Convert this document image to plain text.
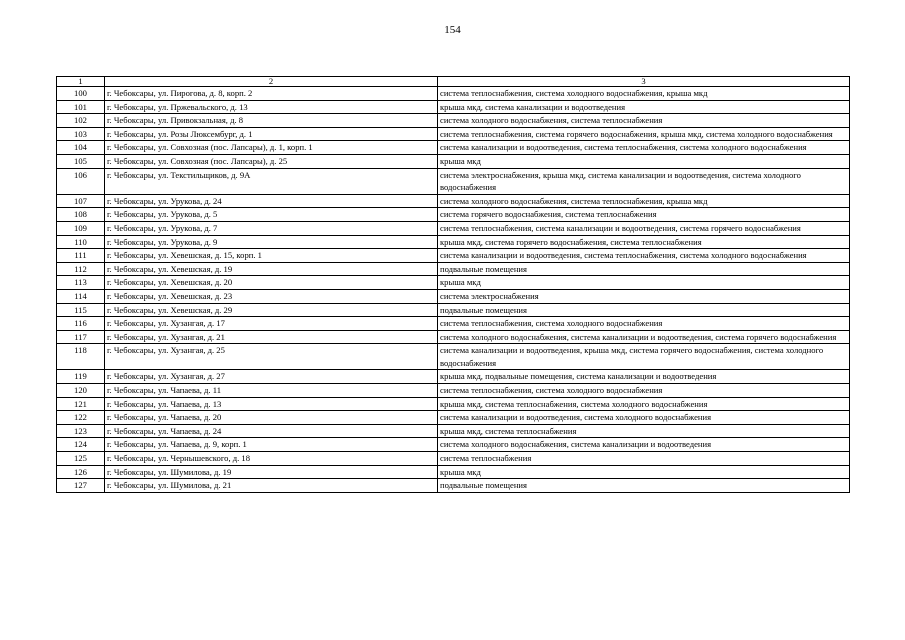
154
1	2	3
100	г. Чебоксары, ул. Пирогова, д. 8, корп. 2	система теплоснабжения, система холодного водоснабжения, крыша мкд
101	г. Чебоксары, ул. Пржевальского, д. 13	крыша мкд, система канализации и водоотведения
102	г. Чебоксары, ул. Привокзальная, д. 8	система холодного водоснабжения, система теплоснабжения
103	г. Чебоксары, ул. Розы Люксембург, д. 1	система теплоснабжения, система горячего водоснабжения, крыша мкд, система холодного водоснабжения
104	г. Чебоксары, ул. Совхозная (пос. Лапсары), д. 1, корп. 1	система канализации и водоотведения, система теплоснабжения, система холодного водоснабжения
105	г. Чебоксары, ул. Совхозная (пос. Лапсары), д. 25	крыша мкд
106	г. Чебоксары, ул. Текстильщиков, д. 9А	система электроснабжения, крыша мкд, система канализации и водоотведения, система холодного водоснабжения
107	г. Чебоксары, ул. Урукова, д. 24	система холодного водоснабжения, система теплоснабжения, крыша мкд
108	г. Чебоксары, ул. Урукова, д. 5	система горячего водоснабжения, система теплоснабжения
109	г. Чебоксары, ул. Урукова, д. 7	система теплоснабжения, система канализации и водоотведения, система горячего водоснабжения
110	г. Чебоксары, ул. Урукова, д. 9	крыша мкд, система горячего водоснабжения, система теплоснабжения
111	г. Чебоксары, ул. Хевешская, д. 15, корп. 1	система канализации и водоотведения, система теплоснабжения, система холодного водоснабжения
112	г. Чебоксары, ул. Хевешская, д. 19	подвальные помещения
113	г. Чебоксары, ул. Хевешская, д. 20	крыша мкд
114	г. Чебоксары, ул. Хевешская, д. 23	система электроснабжения
115	г. Чебоксары, ул. Хевешская, д. 29	подвальные помещения
116	г. Чебоксары, ул. Хузангая, д. 17	система теплоснабжения, система холодного водоснабжения
117	г. Чебоксары, ул. Хузангая, д. 21	система холодного водоснабжения, система канализации и водоотведения, система горячего водоснабжения
118	г. Чебоксары, ул. Хузангая, д. 25	система канализации и водоотведения, крыша мкд, система горячего водоснабжения, система холодного водоснабжения
119	г. Чебоксары, ул. Хузангая, д. 27	крыша мкд, подвальные помещения, система канализации и водоотведения
120	г. Чебоксары, ул. Чапаева, д. 11	система теплоснабжения, система холодного водоснабжения
121	г. Чебоксары, ул. Чапаева, д. 13	крыша мкд, система теплоснабжения, система холодного водоснабжения
122	г. Чебоксары, ул. Чапаева, д. 20	система канализации и водоотведения, система холодного водоснабжения
123	г. Чебоксары, ул. Чапаева, д. 24	крыша мкд, система теплоснабжения
124	г. Чебоксары, ул. Чапаева, д. 9, корп. 1	система холодного водоснабжения, система канализации и водоотведения
125	г. Чебоксары, ул. Чернышевского, д. 18	система теплоснабжения
126	г. Чебоксары, ул. Шумилова, д. 19	крыша мкд
127	г. Чебоксары, ул. Шумилова, д. 21	подвальные помещения
